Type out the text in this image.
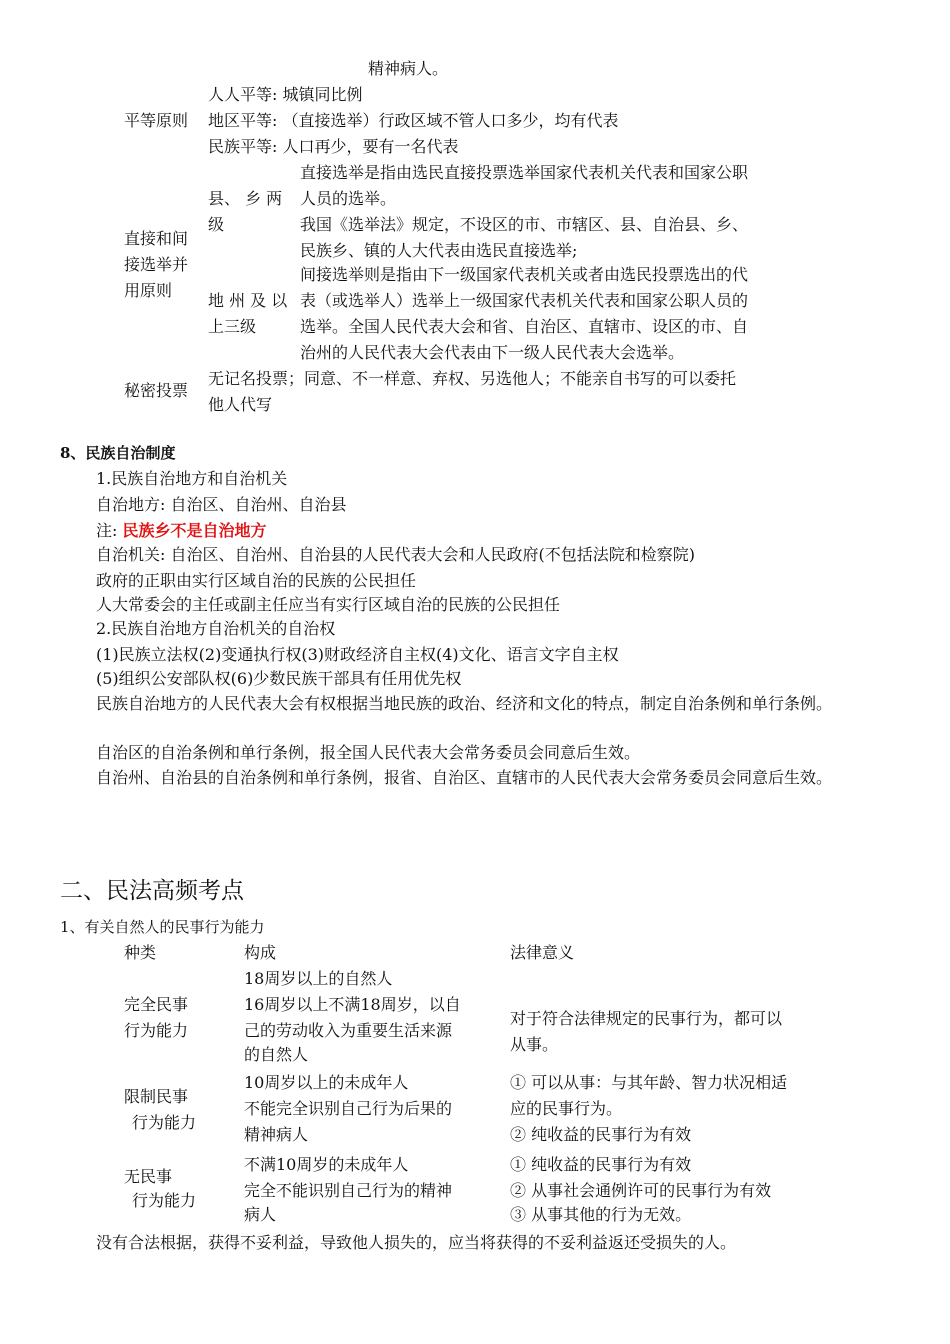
精神病人。
平等原则
人人平等: 城镇同比例
地区平等: （直接选举）行政区域不管人口多少，均有代表
民族平等: 人口再少，要有一名代表
直接和间
接选举并
用原则
县、 乡 两
级
直接选举是指由选民直接投票选举国家代表机关代表和国家公职
人员的选举。
我国《选举法》规定，不设区的市、市辖区、县、自治县、乡、
民族乡、镇的人大代表由选民直接选举;
地 州 及 以
上三级
间接选举则是指由下一级国家代表机关或者由选民投票选出的代
表（或选举人）选举上一级国家代表机关代表和国家公职人员的
选举。全国人民代表大会和省、自治区、直辖市、设区的市、自
治州的人民代表大会代表由下一级人民代表大会选举。
秘密投票
无记名投票；同意、不一样意、弃权、另选他人；不能亲自书写的可以委托
他人代写
8、民族自治制度
1.民族自治地方和自治机关
自治地方: 自治区、自治州、自治县
注: 民族乡不是自治地方
自治机关: 自治区、自治州、自治县的人民代表大会和人民政府(不包括法院和检察院)
政府的正职由实行区域自治的民族的公民担任
人大常委会的主任或副主任应当有实行区域自治的民族的公民担任
2.民族自治地方自治机关的自治权
(1)民族立法权(2)变通执行权(3)财政经济自主权(4)文化、语言文字自主权
(5)组织公安部队权(6)少数民族干部具有任用优先权
民族自治地方的人民代表大会有权根据当地民族的政治、经济和文化的特点，制定自治条例和单行条例。
自治区的自治条例和单行条例，报全国人民代表大会常务委员会同意后生效。
自治州、自治县的自治条例和单行条例，报省、自治区、直辖市的人民代表大会常务委员会同意后生效。
二、民法高频考点
1、有关自然人的民事行为能力
种类	构成	法律意义
完全民事
行为能力
18周岁以上的自然人
16周岁以上不满18周岁，以自
己的劳动收入为重要生活来源
的自然人
对于符合法律规定的民事行为，都可以
从事。
限制民事
行为能力
10周岁以上的未成年人
不能完全识别自己行为后果的
精神病人
① 可以从事：与其年龄、智力状况相适
应的民事行为。
② 纯收益的民事行为有效
无民事
行为能力
不满10周岁的未成年人
完全不能识别自己行为的精神
病人
① 纯收益的民事行为有效
② 从事社会通例许可的民事行为有效
③ 从事其他的行为无效。
没有合法根据，获得不妥利益，导致他人损失的，应当将获得的不妥利益返还受损失的人。
